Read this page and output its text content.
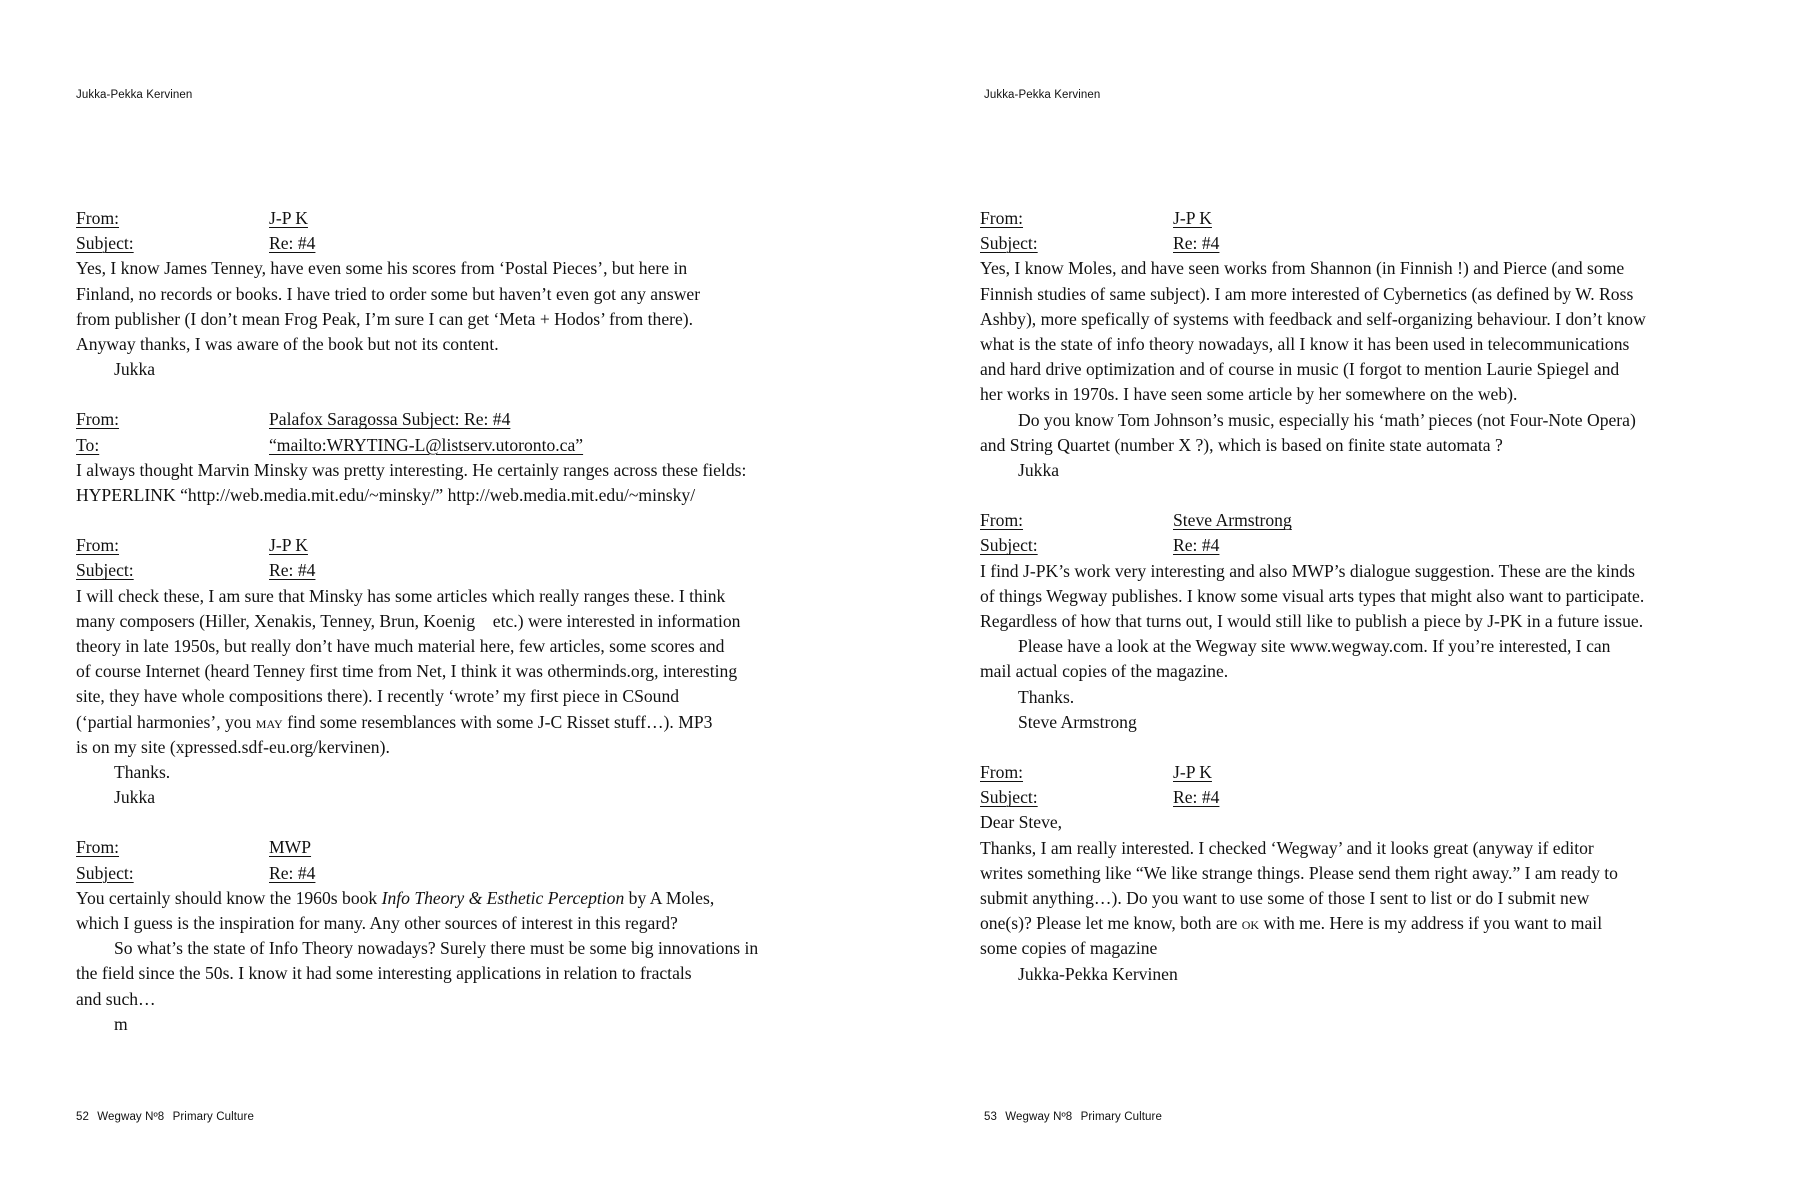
Jukka-Pekka Kervinen
From:	J-P K
Subject:	Re: #4

Yes, I know James Tenney, have even some his scores from ‘Postal Pieces’, but here in

Finland, no records or books. I have tried to order some but haven’t even got any answer

from publisher (I don’t mean Frog Peak, I’m sure I can get ‘Meta + Hodos’ from there).

Anyway thanks, I was aware of the book but not its content.

Jukka

From:	Palafox Saragossa Subject: Re: #4
To:	“mailto:WRYTING-L@listserv.utoronto.ca”

I always thought Marvin Minsky was pretty interesting. He certainly ranges across these fields:

HYPERLINK “http://web.media.mit.edu/~minsky/” http://web.media.mit.edu/~minsky/

From:	J-P K
Subject:	Re: #4

I will check these, I am sure that Minsky has some articles which really ranges these. I think

many composers (Hiller, Xenakis, Tenney, Brun, Koenig etc.) were interested in information

theory in late 1950s, but really don’t have much material here, few articles, some scores and

of course Internet (heard Tenney first time from Net, I think it was otherminds.org, interesting

site, they have whole compositions there). I recently ‘wrote’ my first piece in CSound

(‘partial harmonies’, you may find some resemblances with some J-C Risset stuff…). MP3

is on my site (xpressed.sdf-eu.org/kervinen).

Thanks.

Jukka

From:	MWP
Subject:	Re: #4

You certainly should know the 1960s book Info Theory & Esthetic Perception by A Moles,

which I guess is the inspiration for many. Any other sources of interest in this regard?

So what’s the state of Info Theory nowadays? Surely there must be some big innovations in

the field since the 50s. I know it had some interesting applications in relation to fractals

and such…

m

52 Wegway Nº8 Primary Culture
Jukka-Pekka Kervinen
From:	J-P K
Subject:	Re: #4

Yes, I know Moles, and have seen works from Shannon (in Finnish !) and Pierce (and some

Finnish studies of same subject). I am more interested of Cybernetics (as defined by W. Ross

Ashby), more spefically of systems with feedback and self-organizing behaviour. I don’t know

what is the state of info theory nowadays, all I know it has been used in telecommunications

and hard drive optimization and of course in music (I forgot to mention Laurie Spiegel and

her works in 1970s. I have seen some article by her somewhere on the web).

Do you know Tom Johnson’s music, especially his ‘math’ pieces (not Four-Note Opera)

and String Quartet (number X ?), which is based on finite state automata ?

Jukka

From:	Steve Armstrong
Subject:	Re: #4

I find J-PK’s work very interesting and also MWP’s dialogue suggestion. These are the kinds

of things Wegway publishes. I know some visual arts types that might also want to participate.

Regardless of how that turns out, I would still like to publish a piece by J-PK in a future issue.

Please have a look at the Wegway site www.wegway.com. If you’re interested, I can

mail actual copies of the magazine.

Thanks.

Steve Armstrong

From:	J-P K
Subject:	Re: #4

Dear Steve,

Thanks, I am really interested. I checked ‘Wegway’ and it looks great (anyway if editor

writes something like “We like strange things. Please send them right away.” I am ready to

submit anything…). Do you want to use some of those I sent to list or do I submit new

one(s)? Please let me know, both are ok with me. Here is my address if you want to mail

some copies of magazine

Jukka-Pekka Kervinen

53 Wegway Nº8 Primary Culture
